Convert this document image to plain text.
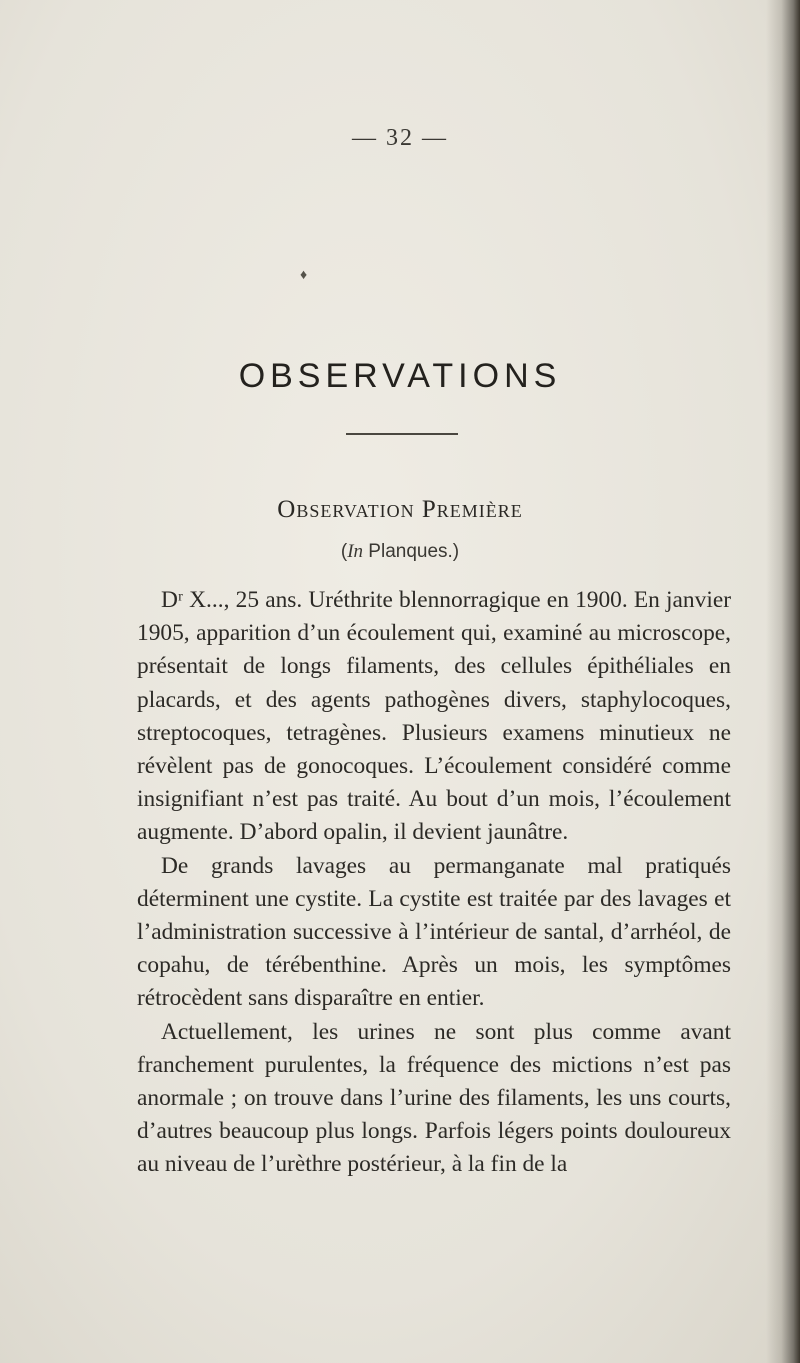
— 32 —
♦
OBSERVATIONS
Observation Première
(In Planques.)

Dʳ X..., 25 ans. Uréthrite blennorragique en 1900. En janvier 1905, apparition d’un écoulement qui, examiné au microscope, présentait de longs filaments, des cellules épithéliales en placards, et des agents pathogènes divers, staphylocoques, streptocoques, tetragènes. Plusieurs examens minutieux ne révèlent pas de gonocoques. L’écoulement considéré comme insignifiant n’est pas traité. Au bout d’un mois, l’écoulement augmente. D’abord opalin, il devient jaunâtre.

De grands lavages au permanganate mal pratiqués déterminent une cystite. La cystite est traitée par des lavages et l’administration successive à l’intérieur de santal, d’arrhéol, de copahu, de térébenthine. Après un mois, les symptômes rétrocèdent sans disparaître en entier.

Actuellement, les urines ne sont plus comme avant franchement purulentes, la fréquence des mictions n’est pas anormale ; on trouve dans l’urine des filaments, les uns courts, d’autres beaucoup plus longs. Parfois légers points douloureux au niveau de l’urèthre postérieur, à la fin de la
